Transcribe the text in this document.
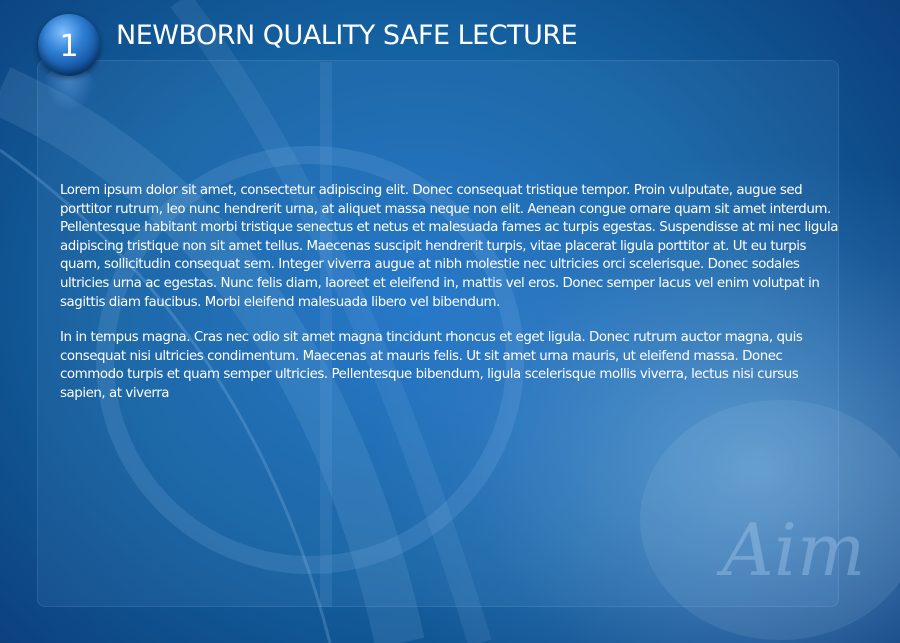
1	NEWBORN QUALITY SAFE LECTURE

Lorem ipsum dolor sit amet, consectetur adipiscing elit. Donec consequat tristique tempor. Proin vulputate, augue sed porttitor rutrum, leo nunc hendrerit urna, at aliquet massa neque non elit. Aenean congue ornare quam sit amet interdum. Pellentesque habitant morbi tristique senectus et netus et malesuada fames ac turpis egestas. Suspendisse at mi nec ligula adipiscing tristique non sit amet tellus. Maecenas suscipit hendrerit turpis, vitae placerat ligula porttitor at. Ut eu turpis quam, sollicitudin consequat sem. Integer viverra augue at nibh molestie nec ultricies orci scelerisque. Donec sodales ultricies urna ac egestas. Nunc felis diam, laoreet et eleifend in, mattis vel eros. Donec semper lacus vel enim volutpat in sagittis diam faucibus. Morbi eleifend malesuada libero vel bibendum.

In in tempus magna. Cras nec odio sit amet magna tincidunt rhoncus et eget ligula. Donec rutrum auctor magna, quis consequat nisi ultricies condimentum. Maecenas at mauris felis. Ut sit amet urna mauris, ut eleifend massa. Donec commodo turpis et quam semper ultricies. Pellentesque bibendum, ligula scelerisque mollis viverra, lectus nisi cursus sapien, at viverra

Aim
